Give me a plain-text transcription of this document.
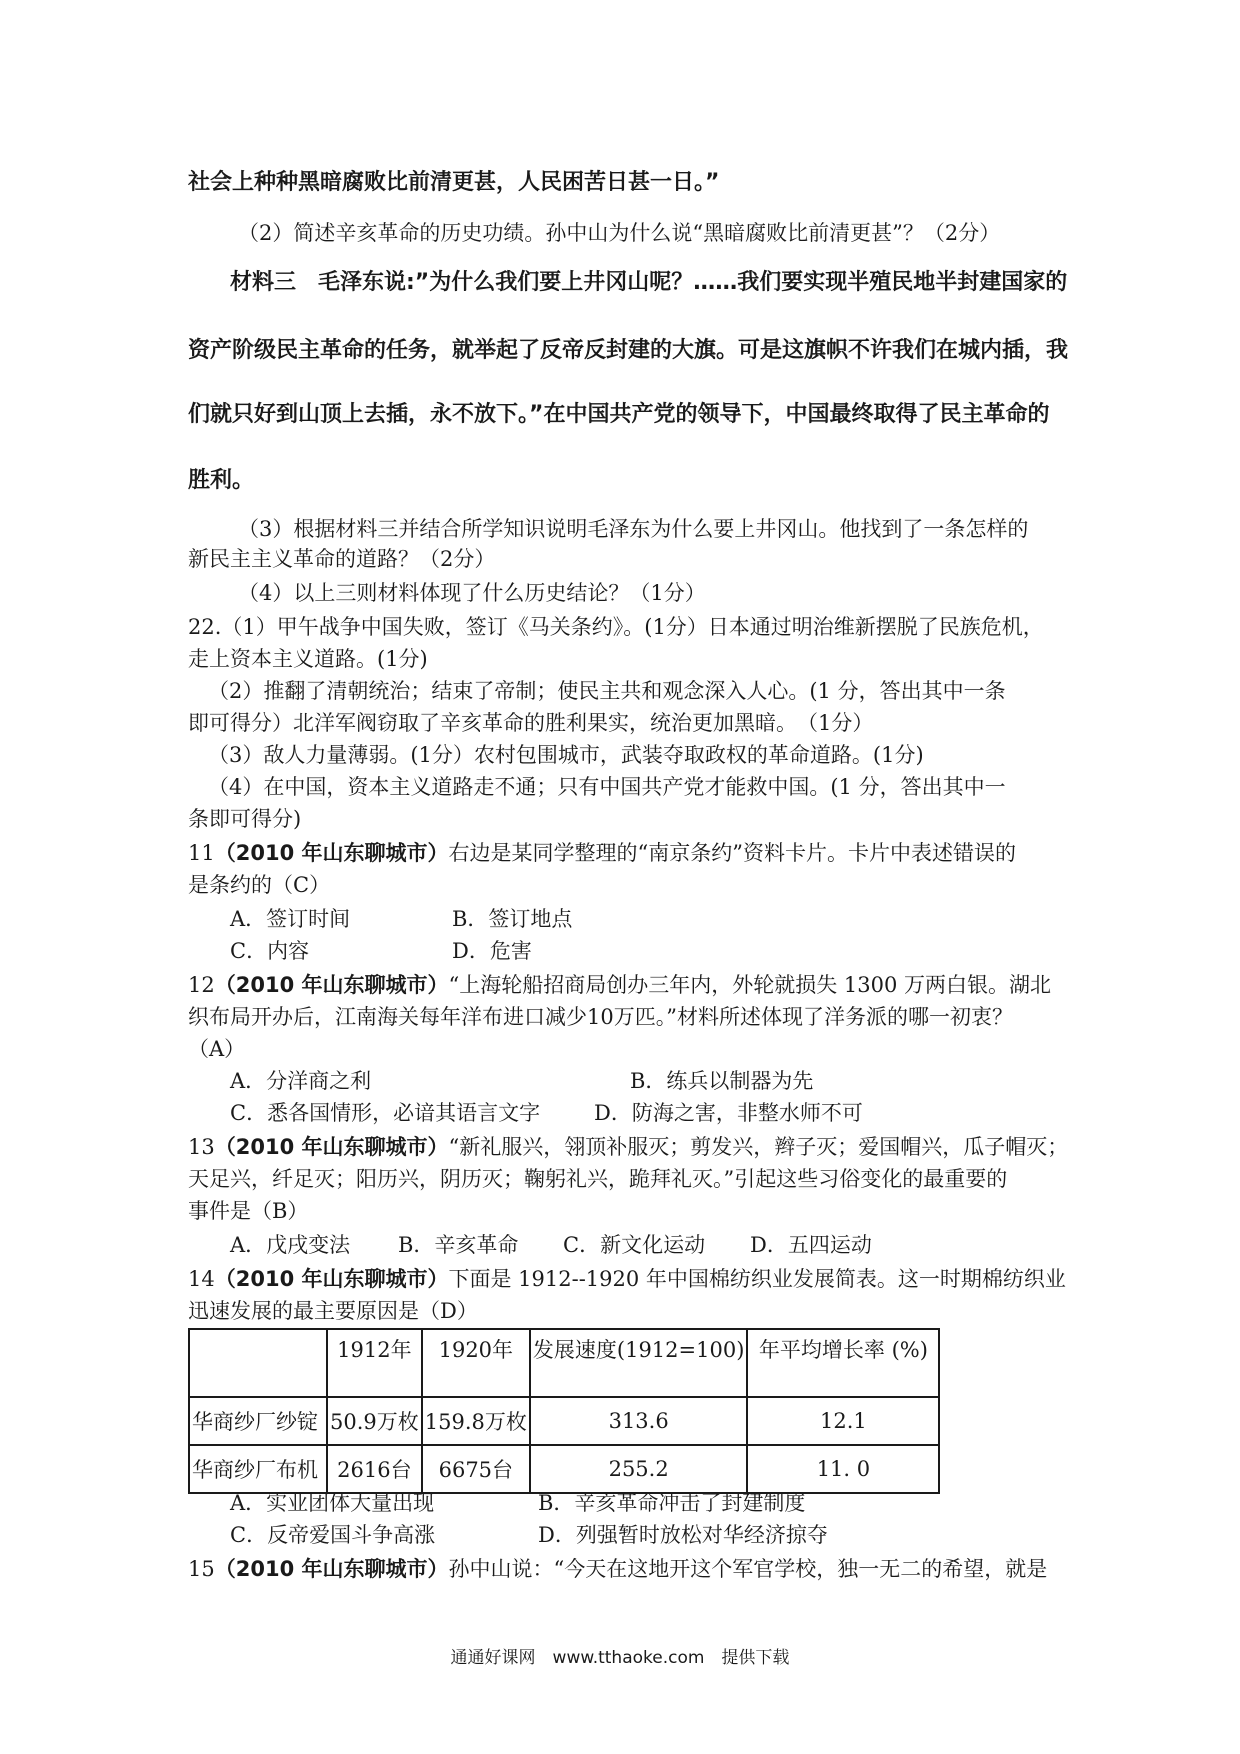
社会上种种黑暗腐败比前清更甚，人民困苦日甚一日。”
（2）简述辛亥革命的历史功绩。孙中山为什么说“黑暗腐败比前清更甚”？（2分）
材料三　毛泽东说:”为什么我们要上井冈山呢？……我们要实现半殖民地半封建国家的
资产阶级民主革命的任务，就举起了反帝反封建的大旗。可是这旗帜不许我们在城内插，我
们就只好到山顶上去插，永不放下。”在中国共产党的领导下，中国最终取得了民主革命的
胜利。
（3）根据材料三并结合所学知识说明毛泽东为什么要上井冈山。他找到了一条怎样的
新民主主义革命的道路？（2分）
（4）以上三则材料体现了什么历史结论？（1分）
22.（1）甲午战争中国失败，签订《马关条约》。(1分）日本通过明治维新摆脱了民族危机，
走上资本主义道路。(1分)
（2）推翻了清朝统治；结束了帝制；使民主共和观念深入人心。(1 分，答出其中一条
即可得分）北洋军阀窃取了辛亥革命的胜利果实，统治更加黑暗。　（1分）
（3）敌人力量薄弱。(1分）农村包围城市，武装夺取政权的革命道路。(1分)
（4）在中国，资本主义道路走不通；只有中国共产党才能救中国。(1 分，答出其中一
条即可得分)
11（2010 年山东聊城市）右边是某同学整理的“南京条约”资料卡片。卡片中表述错误的
是条约的（C）
A．签订时间	B．签订地点
C．内容	D．危害
12（2010 年山东聊城市）“上海轮船招商局创办三年内，外轮就损失 1300 万两白银。湖北
织布局开办后，江南海关每年洋布进口减少10万匹。”材料所述体现了洋务派的哪一初衷？
（A）
A．分洋商之利	B．练兵以制器为先
C．悉各国情形，必谙其语言文字	D．防海之害，非整水师不可
13（2010 年山东聊城市）“新礼服兴，翎顶补服灭；剪发兴，辫子灭；爱国帽兴，瓜子帽灭；
天足兴，纤足灭；阳历兴，阴历灭；鞠躬礼兴，跪拜礼灭。”引起这些习俗变化的最重要的
事件是（B）
A．戊戌变法 B．辛亥革命 C．新文化运动 D．五四运动
14（2010 年山东聊城市）下面是 1912--1920 年中国棉纺织业发展简表。这一时期棉纺织业
迅速发展的最主要原因是（D）
	1912年	1920年	发展速度(1912=100)	年平均增长率 (%)
华商纱厂纱锭	50.9万枚	159.8万枚	313.6	12.1
华商纱厂布机	2616台	6675台	255.2	11. 0
A．实业团体大量出现	B．辛亥革命冲击了封建制度
C．反帝爱国斗争高涨	D．列强暂时放松对华经济掠夺
15（2010 年山东聊城市）孙中山说：“今天在这地开这个军官学校，独一无二的希望，就是
通通好课网　www.tthaoke.com　提供下载
